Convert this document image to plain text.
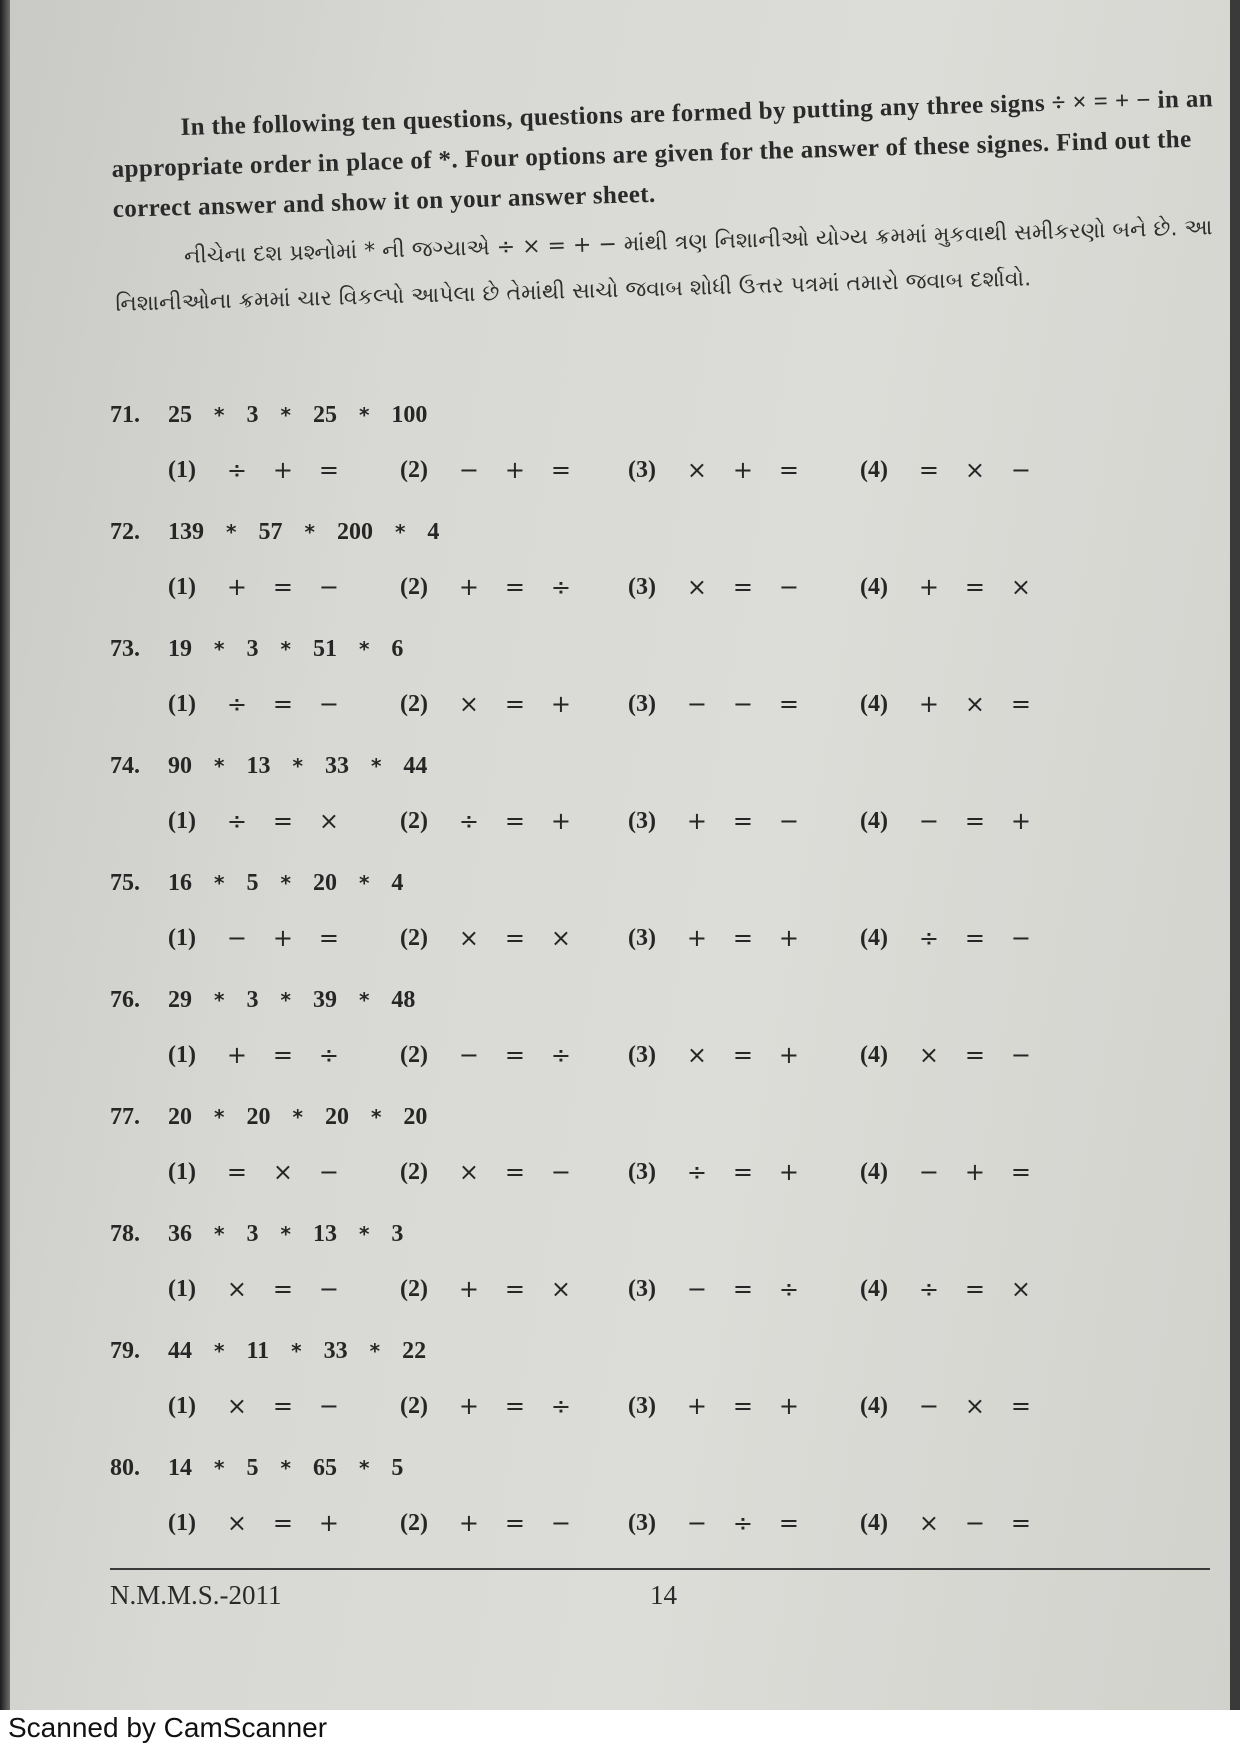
In the following ten questions, questions are formed by putting any three signs ÷ × = + − in an appropriate order in place of *. Four options are given for the answer of these signes. Find out the correct answer and show it on your answer sheet.

નીચેના દશ પ્રશ્નોમાં * ની જગ્યાએ ÷ × = + − માંથી ત્રણ નિશાનીઓ યોગ્ય ક્રમમાં મુકવાથી સમીકરણો બને છે. આ નિશાનીઓના ક્રમમાં ચાર વિકલ્પો આપેલા છે તેમાંથી સાચો જવાબ શોધી ઉત્તર પત્રમાં તમારો જવાબ દર્શાવો.

71.	25 * 3 * 25 * 100
(1)	÷	+	=	(2)	−	+	=	(3)	×	+	=	(4)	=	×	−
72.	139 * 57 * 200 * 4
(1)	+	=	−	(2)	+	=	÷	(3)	×	=	−	(4)	+	=	×
73.	19 * 3 * 51 * 6
(1)	÷	=	−	(2)	×	=	+	(3)	−	−	=	(4)	+	×	=
74.	90 * 13 * 33 * 44
(1)	÷	=	×	(2)	÷	=	+	(3)	+	=	−	(4)	−	=	+
75.	16 * 5 * 20 * 4
(1)	−	+	=	(2)	×	=	×	(3)	+	=	+	(4)	÷	=	−
76.	29 * 3 * 39 * 48
(1)	+	=	÷	(2)	−	=	÷	(3)	×	=	+	(4)	×	=	−
77.	20 * 20 * 20 * 20
(1)	=	×	−	(2)	×	=	−	(3)	÷	=	+	(4)	−	+	=
78.	36 * 3 * 13 * 3
(1)	×	=	−	(2)	+	=	×	(3)	−	=	÷	(4)	÷	=	×
79.	44 * 11 * 33 * 22
(1)	×	=	−	(2)	+	=	÷	(3)	+	=	+	(4)	−	×	=
80.	14 * 5 * 65 * 5
(1)	×	=	+	(2)	+	=	−	(3)	−	÷	=	(4)	×	−	=
N.M.M.S.-2011	14
Scanned by CamScanner
